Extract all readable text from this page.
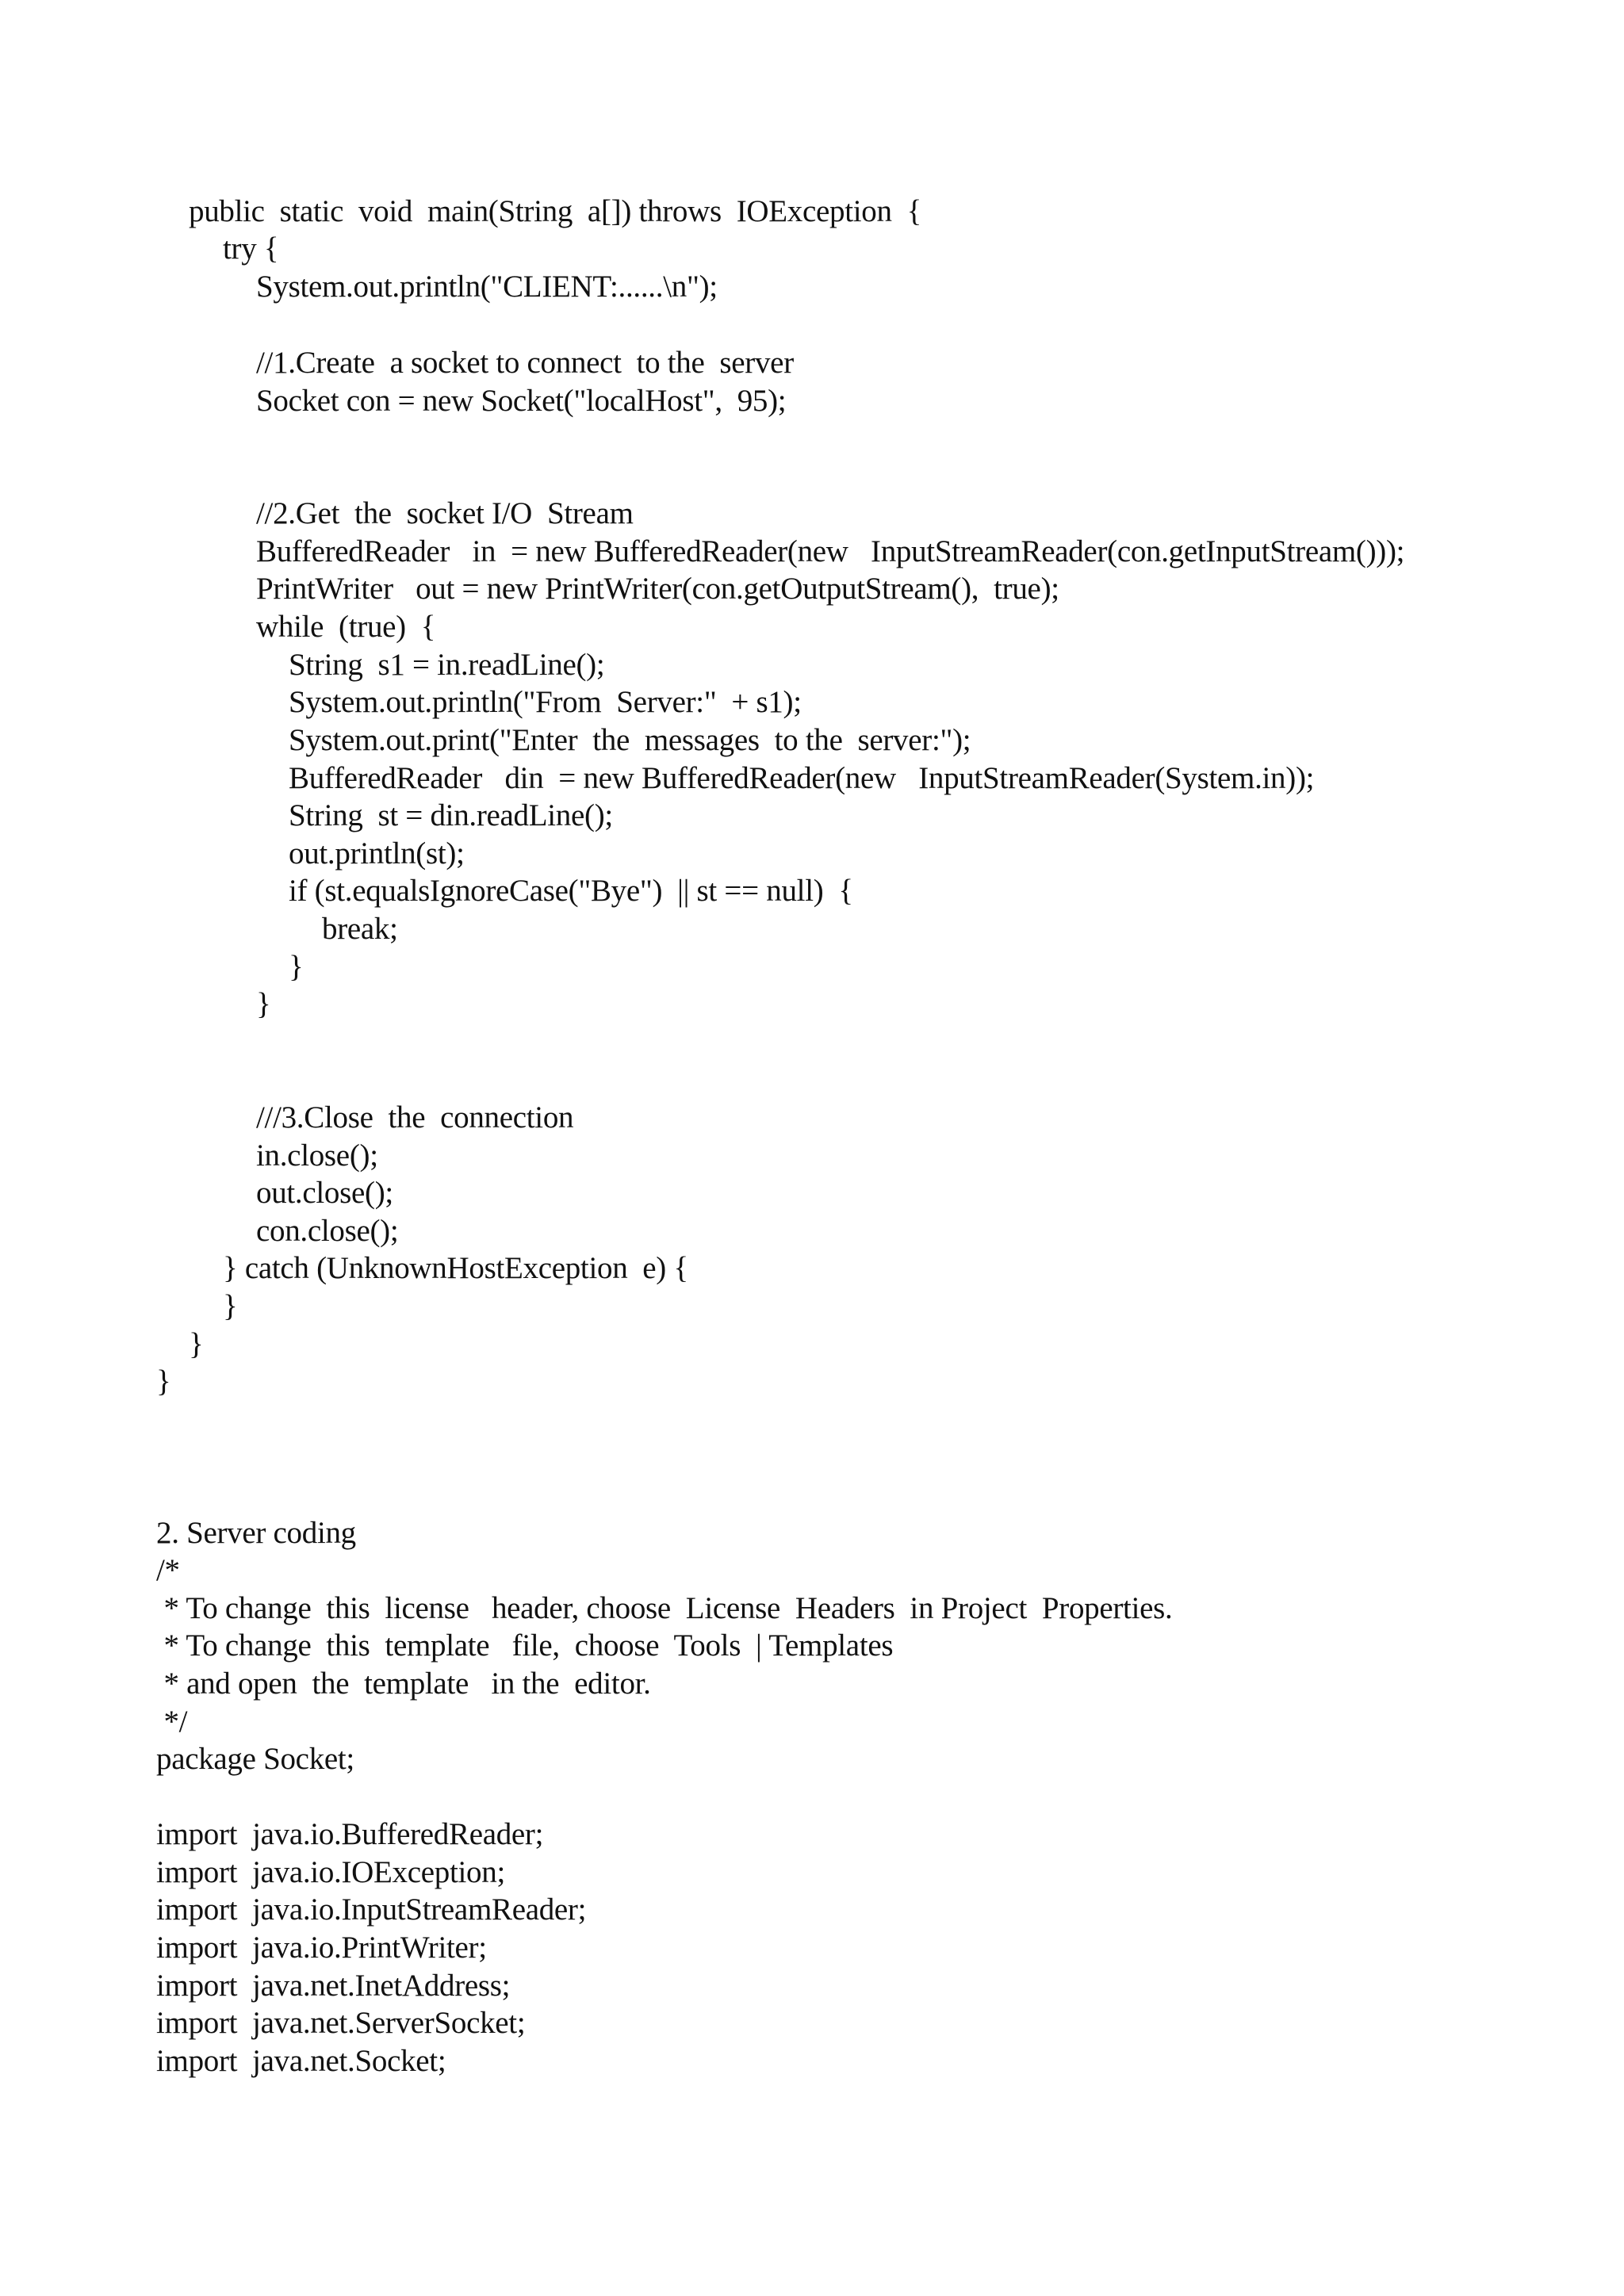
public  static  void  main(String  a[]) throws  IOException  {
try {
System.out.println("CLIENT:......\n");
//1.Create  a socket to connect  to the  server
Socket con = new Socket("localHost",  95);
//2.Get  the  socket I/O  Stream
BufferedReader   in  = new BufferedReader(new   InputStreamReader(con.getInputStream()));
PrintWriter   out = new PrintWriter(con.getOutputStream(),  true);
while  (true)  {
String  s1 = in.readLine();
System.out.println("From  Server:"  + s1);
System.out.print("Enter  the  messages  to the  server:");
BufferedReader   din  = new BufferedReader(new   InputStreamReader(System.in));
String  st = din.readLine();
out.println(st);
if (st.equalsIgnoreCase("Bye")  || st == null)  {
break;
}
}
///3.Close  the  connection
in.close();
out.close();
con.close();
} catch (UnknownHostException  e) {
}
}
}
2. Server coding
/*
* To change  this  license   header, choose  License  Headers  in Project  Properties.
* To change  this  template   file,  choose  Tools  | Templates
* and open  the  template   in the  editor.
*/
package Socket;
import  java.io.BufferedReader;
import  java.io.IOException;
import  java.io.InputStreamReader;
import  java.io.PrintWriter;
import  java.net.InetAddress;
import  java.net.ServerSocket;
import  java.net.Socket;
